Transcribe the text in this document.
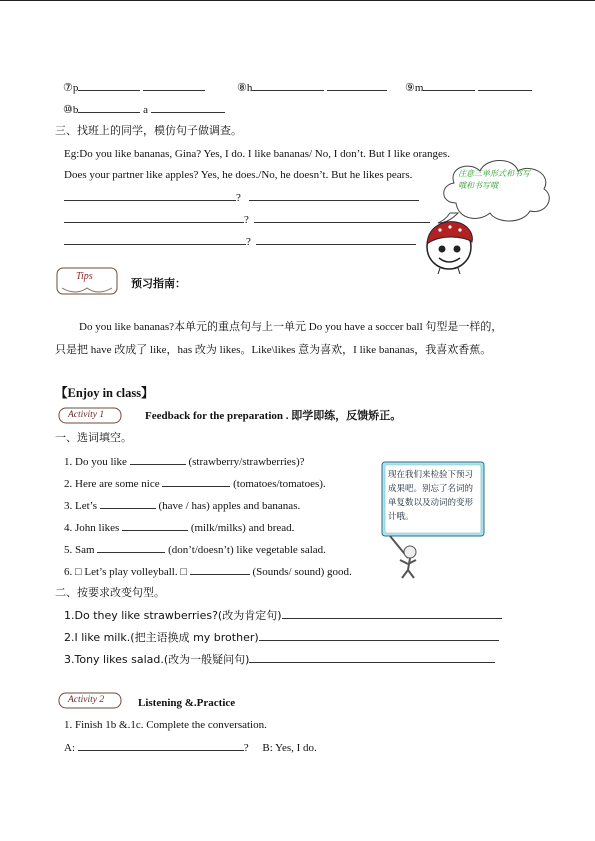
⑦p	⑧h	⑨m
⑩b	a
三、找班上的同学，模仿句子做调查。
Eg:Do you like bananas, Gina? Yes, I do. I like bananas/ No, I don’t. But I like oranges.
Does your partner like apples? Yes, he does./No, he doesn’t. But he likes pears.
?
?
?
注意三单形式和书写哦和书写哦
Tips
预习指南：
Do you like bananas?本单元的重点句与上一单元 Do you have a soccer ball 句型是一样的，
只是把 have 改成了 like，has 改为 likes。Like\likes 意为喜欢，I like bananas，我喜欢香蕉。
【Enjoy in class】
Activity 1	Feedback for the preparation . 即学即练，反馈矫正。
一、选词填空。
1. Do you like	(strawberry/strawberries)?
2. Here are some nice	(tomatoes/tomatoes).
3. Let’s	(have / has) apples and bananas.
4. John likes	(milk/milks) and bread.
5. Sam	(don’t/doesn’t) like vegetable salad.
6. □ Let’s play volleyball. □	(Sounds/ sound) good.
现在我们来检验下预习成果吧。别忘了名词的单复数以及动词的变形计哦。
二、按要求改变句型。
1.Do they like strawberries?(改为肯定句)
2.I like milk.(把主语换成 my brother)
3.Tony likes salad.(改为一般疑问句)
Activity 2	Listening &.Practice
1. Finish 1b &.1c. Complete the conversation.
A:	? B: Yes, I do.
